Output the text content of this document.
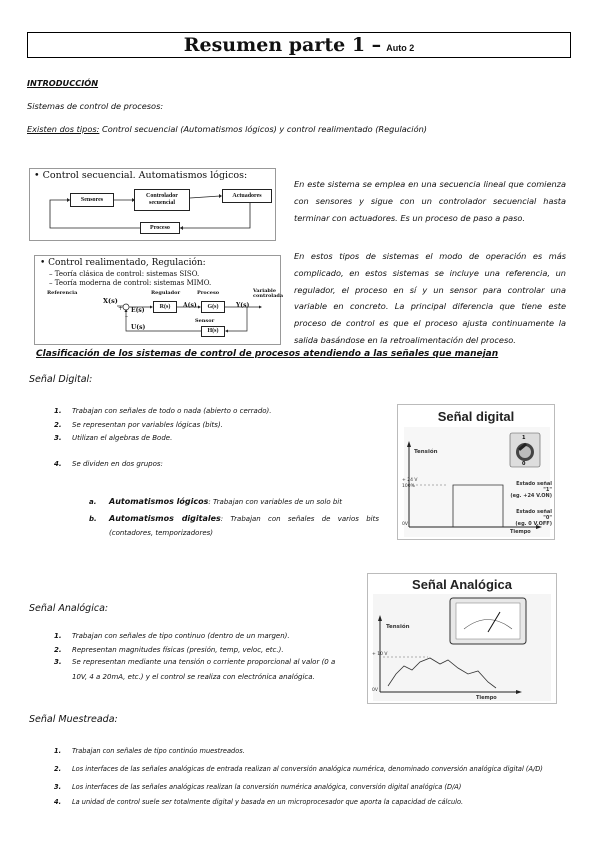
Resumen parte 1 – Auto 2
INTRODUCCIÓN
Sistemas de control de procesos:
Existen dos tipos: Control secuencial (Automatismos lógicos) y control realimentado (Regulación)
• Control secuencial. Automatismos lógicos:
Sensores
Controlador secuencial
Actuadores
Proceso
En este sistema se emplea en una secuencia lineal que comienza con sensores y sigue con un controlador secuencial hasta terminar con actuadores. Es un proceso de paso a paso.
• Control realimentado, Regulación:
– Teoría clásica de control: sistemas SISO.
– Teoría moderna de control: sistemas MIMO.
Referencia	Regulador	Proceso	Variable controlada
X(s)
E(s)
R(s)	A(s)	G(s)	Y(s)
Sensor
H(s)
U(s)
+
–
En estos tipos de sistemas el modo de operación es más complicado, en estos sistemas se incluye una referencia, un regulador, el proceso en sí y un sensor para controlar una variable en concreto. La principal diferencia que tiene este proceso de control es que el proceso ajusta continuamente la salida basándose en la retroalimentación del proceso.
Clasificación de los sistemas de control de procesos atendiendo a las señales que manejan
Señal Digital:
1. Trabajan con señales de todo o nada (abierto o cerrado).
2. Se representan por variables lógicas (bits).
3. Utilizan el algebras de Bode.
4. Se dividen en dos grupos:
a. Automatismos lógicos: Trabajan con variables de un solo bit
b. Automatismos digitales: Trabajan con señales de varios bits (contadores, temporizadores)
Señal digital
1
0
Tensión
+ 24 V
100%
0V
Estado señal "1"
(eg. +24 V.ON)
Estado señal "0"
(eg. 0 V.OFF)
Tiempo
Señal Analógica
Tensión
+ 10 V
0V
Tiempo
Señal Analógica:
1. Trabajan con señales de tipo continuo (dentro de un margen).
2. Representan magnitudes físicas (presión, temp, veloc, etc.).
3. Se representan mediante una tensión o corriente proporcional al valor (0 a 10V, 4 a 20mA, etc.) y el control se realiza con electrónica analógica.
Señal Muestreada:
1. Trabajan con señales de tipo continúo muestreados.
2. Los interfaces de las señales analógicas de entrada realizan al conversión analógica numérica, denominado conversión analógica digital (A/D)
3. Los interfaces de las señales analógicas realizan la conversión numérica analógica, conversión digital analógica (D/A)
4. La unidad de control suele ser totalmente digital y basada en un microprocesador que aporta la capacidad de cálculo.
